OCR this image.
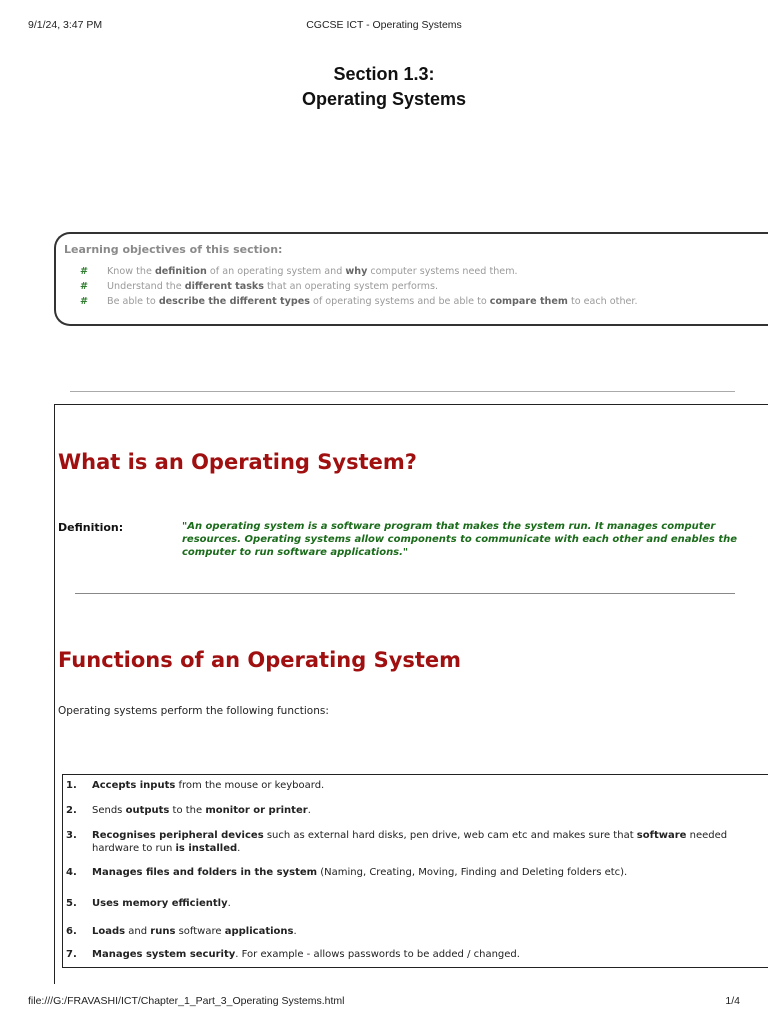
9/1/24, 3:47 PM	CGCSE ICT - Operating Systems
Section 1.3:
Operating Systems
Learning objectives of this section:
# Know the definition of an operating system and why computer systems need them.
# Understand the different tasks that an operating system performs.
# Be able to describe the different types of operating systems and be able to compare them to each other.
What is an Operating System?
Definition:	"An operating system is a software program that makes the system run. It manages computer resources. Operating systems allow components to communicate with each other and enables the computer to run software applications."
Functions of an Operating System
Operating systems perform the following functions:
1. Accepts inputs from the mouse or keyboard.
2. Sends outputs to the monitor or printer.
3. Recognises peripheral devices such as external hard disks, pen drive, web cam etc and makes sure that software needed hardware to run is installed.
4. Manages files and folders in the system (Naming, Creating, Moving, Finding and Deleting folders etc).
5. Uses memory efficiently.
6. Loads and runs software applications.
7. Manages system security. For example - allows passwords to be added / changed.
file:///G:/FRAVASHI/ICT/Chapter_1_Part_3_Operating Systems.html	1/4
